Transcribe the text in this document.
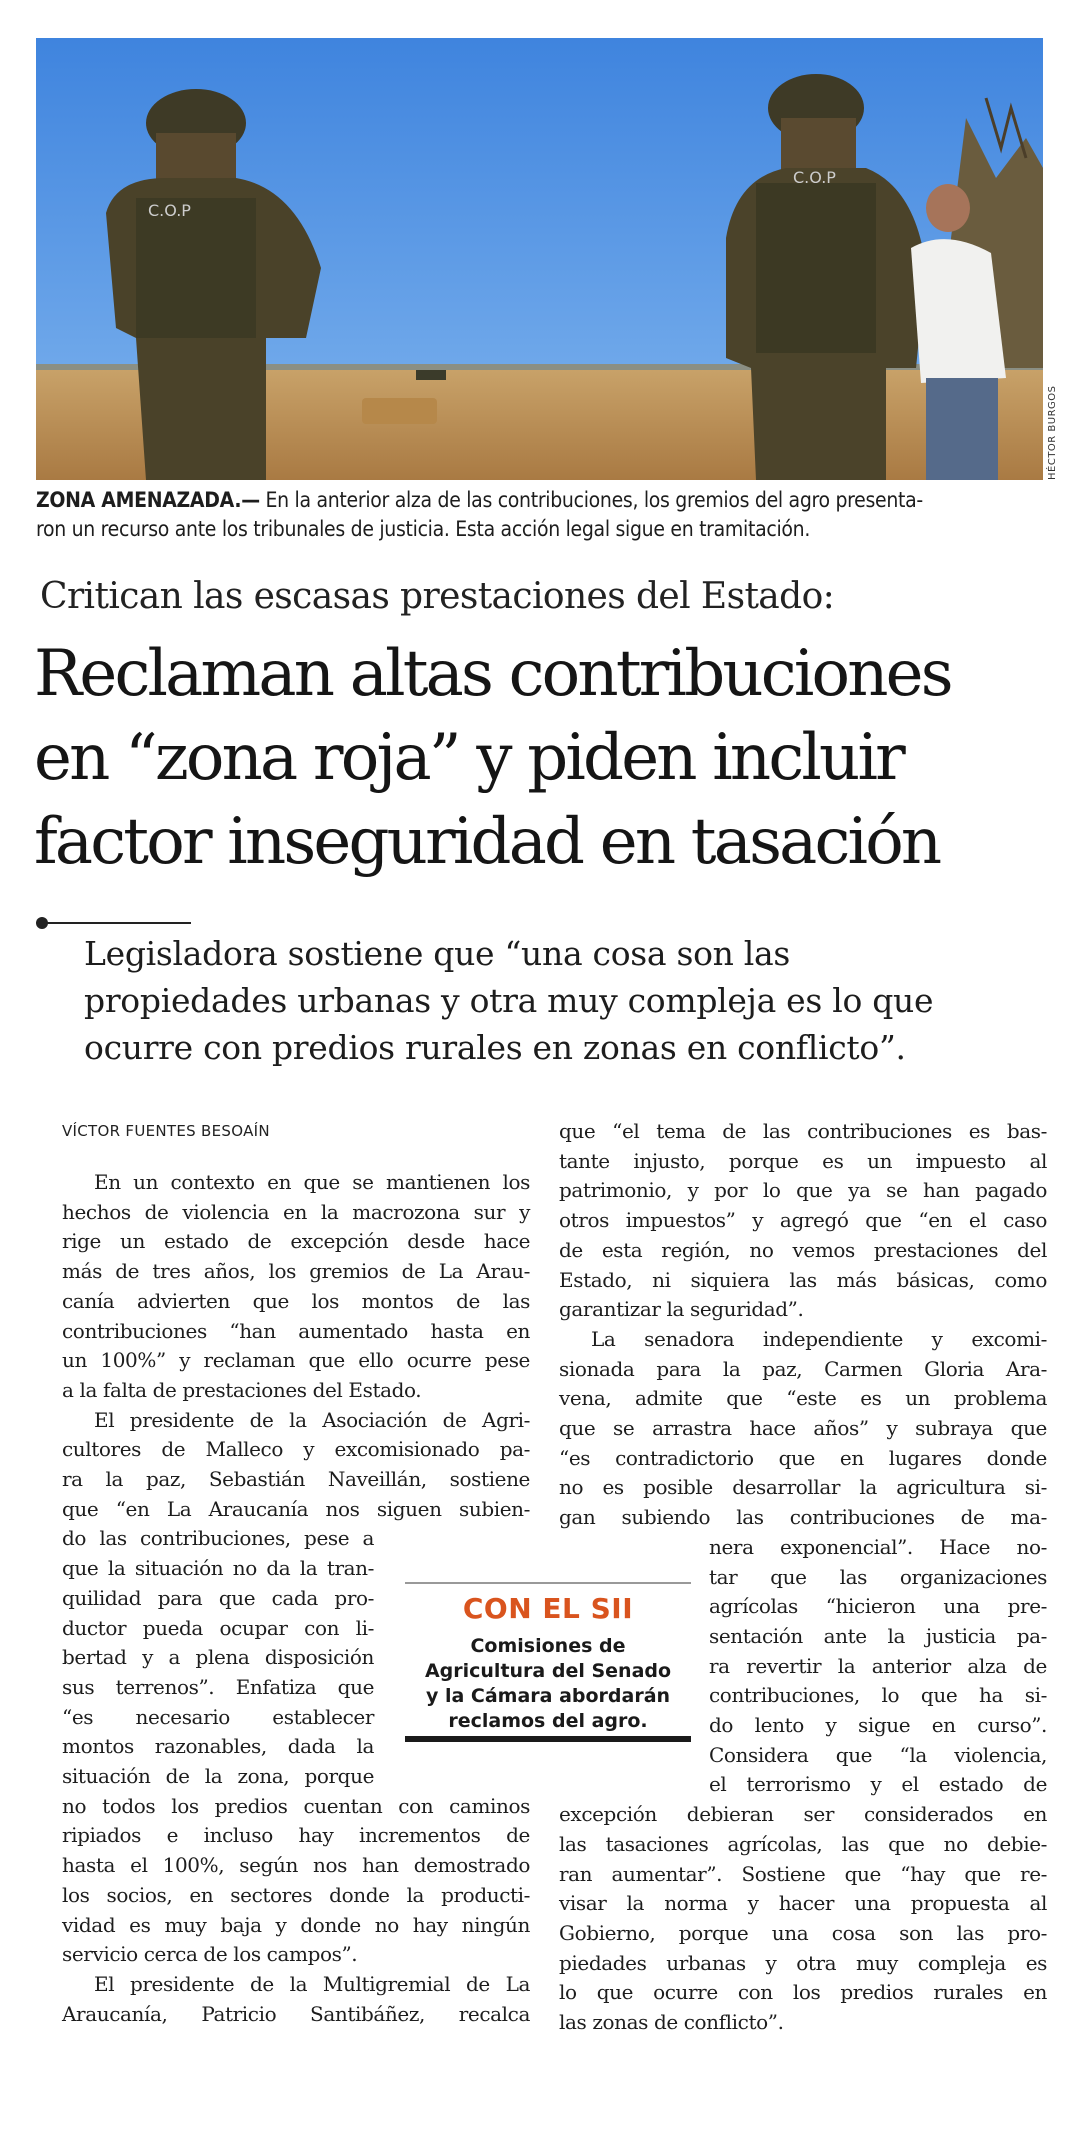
C.O.P
C.O.P
HÉCTOR BURGOS
ZONA AMENAZADA.— En la anterior alza de las contribuciones, los gremios del agro presenta-
ron un recurso ante los tribunales de justicia. Esta acción legal sigue en tramitación.
Critican las escasas prestaciones del Estado:
Reclaman altas contribuciones
en “zona roja” y piden incluir
factor inseguridad en tasación
Legisladora sostiene que “una cosa son las
propiedades urbanas y otra muy compleja es lo que
ocurre con predios rurales en zonas en conflicto”.
VÍCTOR FUENTES BESOAÍN
En un contexto en que se mantienen los
hechos de violencia en la macrozona sur y
rige un estado de excepción desde hace
más de tres años, los gremios de La Arau-
canía advierten que los montos de las
contribuciones “han aumentado hasta en
un 100%” y reclaman que ello ocurre pese
a la falta de prestaciones del Estado.
El presidente de la Asociación de Agri-
cultores de Malleco y excomisionado pa-
ra la paz, Sebastián Naveillán, sostiene
que “en La Araucanía nos siguen subien-
do las contribuciones, pese a
que la situación no da la tran-
quilidad para que cada pro-
ductor pueda ocupar con li-
bertad y a plena disposición
sus terrenos”. Enfatiza que
“es necesario establecer
montos razonables, dada la
situación de la zona, porque
no todos los predios cuentan con caminos
ripiados e incluso hay incrementos de
hasta el 100%, según nos han demostrado
los socios, en sectores donde la producti-
vidad es muy baja y donde no hay ningún
servicio cerca de los campos”.
El presidente de la Multigremial de La
Araucanía, Patricio Santibáñez, recalca
que “el tema de las contribuciones es bas-
tante injusto, porque es un impuesto al
patrimonio, y por lo que ya se han pagado
otros impuestos” y agregó que “en el caso
de esta región, no vemos prestaciones del
Estado, ni siquiera las más básicas, como
garantizar la seguridad”.
La senadora independiente y excomi-
sionada para la paz, Carmen Gloria Ara-
vena, admite que “este es un problema
que se arrastra hace años” y subraya que
“es contradictorio que en lugares donde
no es posible desarrollar la agricultura si-
gan subiendo las contribuciones de ma-
nera exponencial”. Hace no-
tar que las organizaciones
agrícolas “hicieron una pre-
sentación ante la justicia pa-
ra revertir la anterior alza de
contribuciones, lo que ha si-
do lento y sigue en curso”.
Considera que “la violencia,
el terrorismo y el estado de
excepción debieran ser considerados en
las tasaciones agrícolas, las que no debie-
ran aumentar”. Sostiene que “hay que re-
visar la norma y hacer una propuesta al
Gobierno, porque una cosa son las pro-
piedades urbanas y otra muy compleja es
lo que ocurre con los predios rurales en
las zonas de conflicto”.
CON EL SII
Comisiones de
Agricultura del Senado
y la Cámara abordarán
reclamos del agro.
